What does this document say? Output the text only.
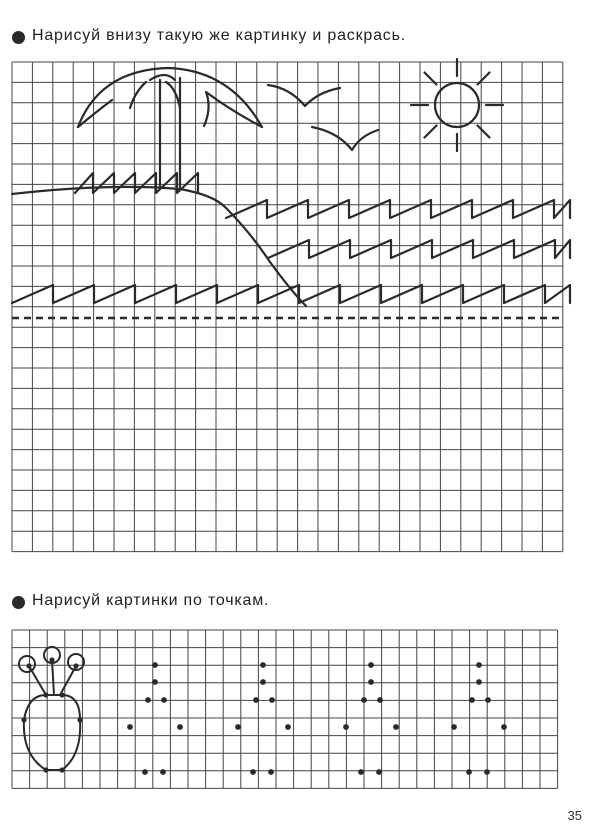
Нарисуй внизу такую же картинку и раскрась.
Нарисуй картинки по точкам.
35
